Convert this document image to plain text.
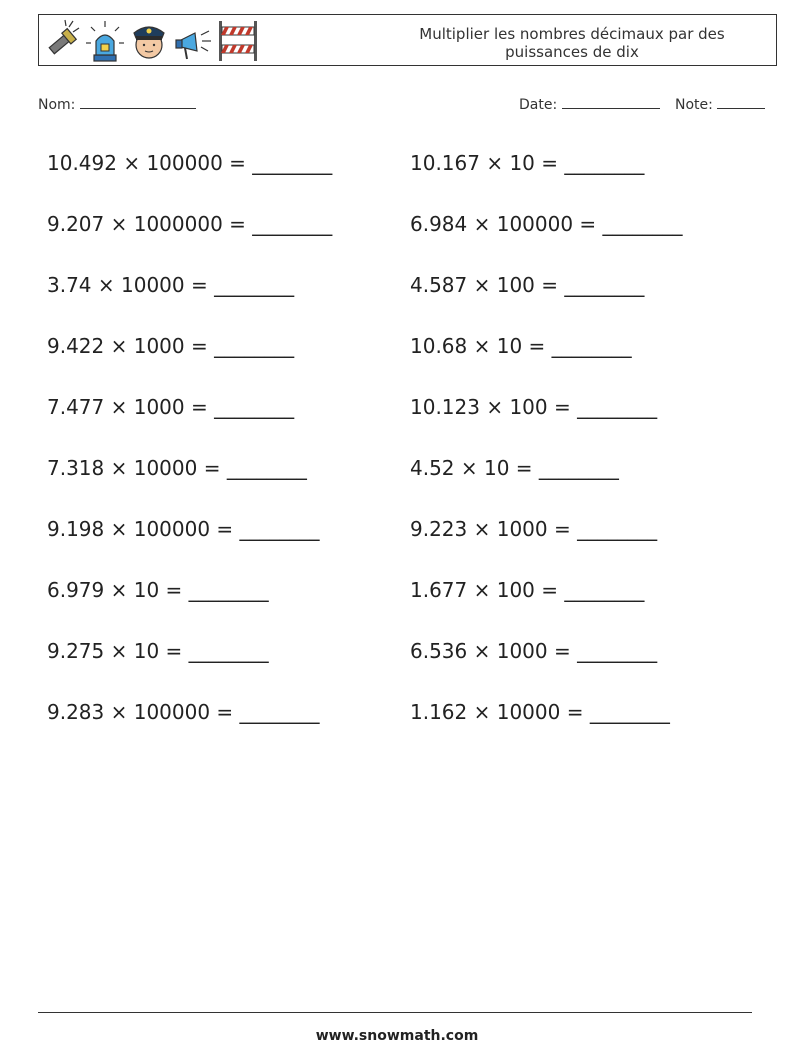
Multiplier les nombres décimaux par des puissances de dix
Nom:	Date:	Note:
10.492 × 100000 = ________	10.167 × 10 = ________
9.207 × 1000000 = ________	6.984 × 100000 = ________
3.74 × 10000 = ________	4.587 × 100 = ________
9.422 × 1000 = ________	10.68 × 10 = ________
7.477 × 1000 = ________	10.123 × 100 = ________
7.318 × 10000 = ________	4.52 × 10 = ________
9.198 × 100000 = ________	9.223 × 1000 = ________
6.979 × 10 = ________	1.677 × 100 = ________
9.275 × 10 = ________	6.536 × 1000 = ________
9.283 × 100000 = ________	1.162 × 10000 = ________
www.snowmath.com
